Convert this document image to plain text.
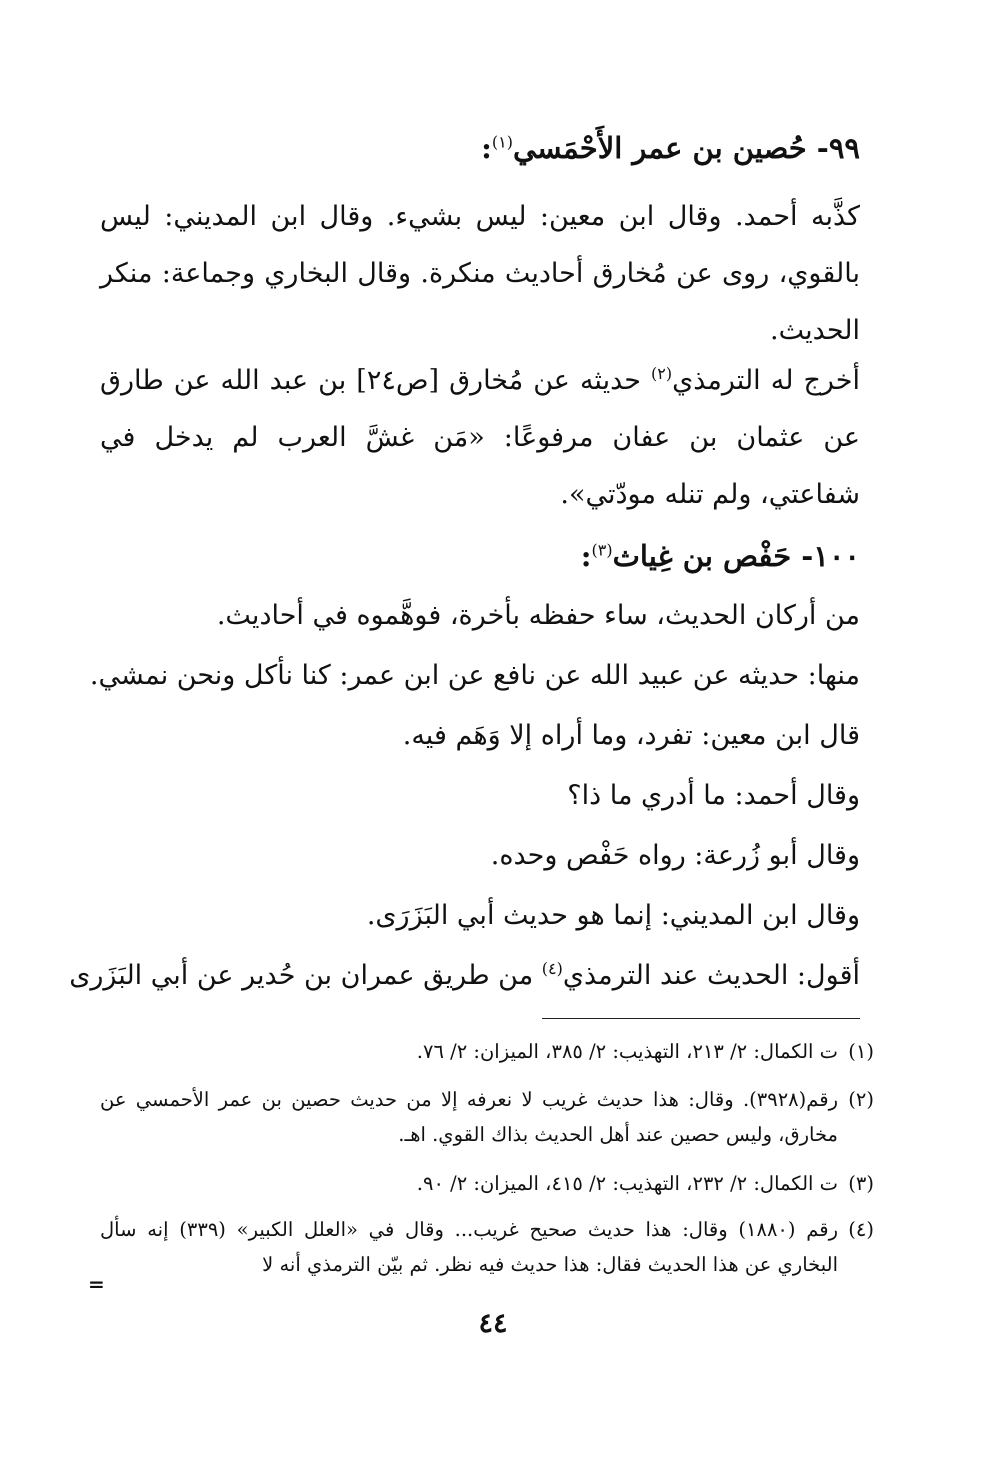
٩٩- حُصين بن عمر الأَحْمَسي$^{(١)}$:

كذَّبه أحمد. وقال ابن معين: ليس بشيء. وقال ابن المديني: ليس بالقوي، روى عن مُخارق أحاديث منكرة. وقال البخاري وجماعة: منكر الحديث.

أخرج له الترمذي$^{(٢)}$ حديثه عن مُخارق [ص٢٤] بن عبد الله عن طارق عن عثمان بن عفان مرفوعًا: «مَن غشَّ العرب لم يدخل في شفاعتي، ولم تنله مودّتي».

١٠٠- حَفْص بن غِياث$^{(٣)}$:
من أركان الحديث، ساء حفظه بأخرة، فوهَّموه في أحاديث.
منها: حديثه عن عبيد الله عن نافع عن ابن عمر: كنا نأكل ونحن نمشي.
قال ابن معين: تفرد، وما أراه إلا وَهَم فيه.
وقال أحمد: ما أدري ما ذا؟
وقال أبو زُرعة: رواه حَفْص وحده.
وقال ابن المديني: إنما هو حديث أبي البَزَرَى.
أقول: الحديث عند الترمذي$^{(٤)}$ من طريق عمران بن حُدير عن أبي البَزَرى
(١)
ت الكمال: ٢/ ٢١٣، التهذيب: ٢/ ٣٨٥، الميزان: ٢/ ٧٦.
(٢)
رقم(٣٩٢٨). وقال: هذا حديث غريب لا نعرفه إلا من حديث حصين بن عمر الأحمسي عن مخارق، وليس حصين عند أهل الحديث بذاك القوي. اهـ.
(٣)
ت الكمال: ٢/ ٢٣٢، التهذيب: ٢/ ٤١٥، الميزان: ٢/ ٩٠.
(٤)
رقم (١٨٨٠) وقال: هذا حديث صحيح غريب... وقال في «العلل الكبير» (٣٣٩) إنه سأل البخاري عن هذا الحديث فقال: هذا حديث فيه نظر. ثم بيّن الترمذي أنه لا
=
٤٤
